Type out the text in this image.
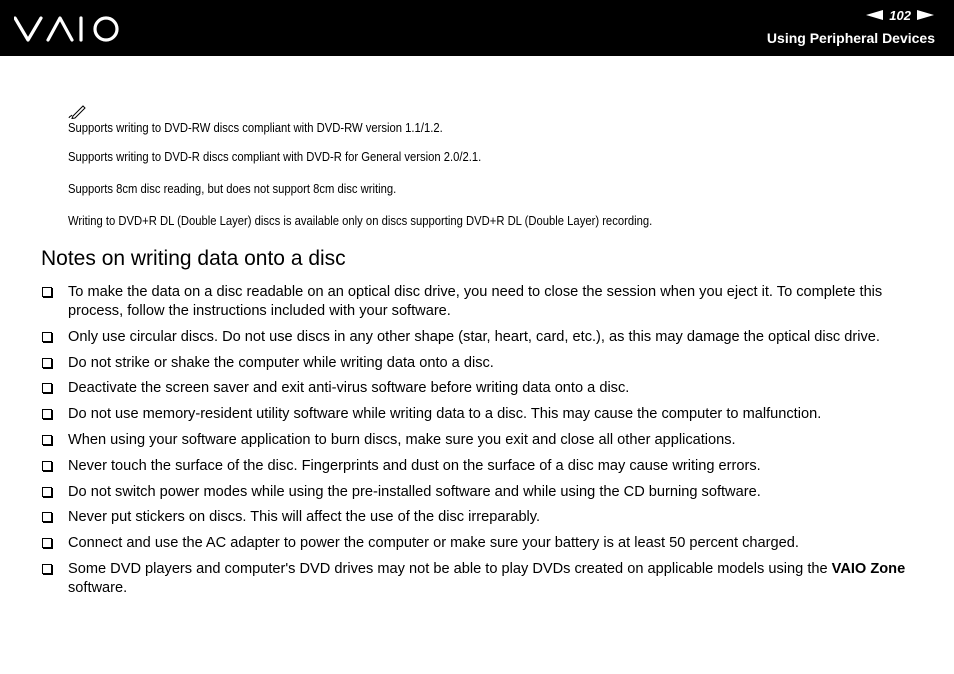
102
Using Peripheral Devices
Supports writing to DVD-RW discs compliant with DVD-RW version 1.1/1.2.
Supports writing to DVD-R discs compliant with DVD-R for General version 2.0/2.1.
Supports 8cm disc reading, but does not support 8cm disc writing.
Writing to DVD+R DL (Double Layer) discs is available only on discs supporting DVD+R DL (Double Layer) recording.
Notes on writing data onto a disc
To make the data on a disc readable on an optical disc drive, you need to close the session when you eject it. To complete this process, follow the instructions included with your software.
Only use circular discs. Do not use discs in any other shape (star, heart, card, etc.), as this may damage the optical disc drive.
Do not strike or shake the computer while writing data onto a disc.
Deactivate the screen saver and exit anti-virus software before writing data onto a disc.
Do not use memory-resident utility software while writing data to a disc. This may cause the computer to malfunction.
When using your software application to burn discs, make sure you exit and close all other applications.
Never touch the surface of the disc. Fingerprints and dust on the surface of a disc may cause writing errors.
Do not switch power modes while using the pre-installed software and while using the CD burning software.
Never put stickers on discs. This will affect the use of the disc irreparably.
Connect and use the AC adapter to power the computer or make sure your battery is at least 50 percent charged.
Some DVD players and computer's DVD drives may not be able to play DVDs created on applicable models using the VAIO Zone software.
